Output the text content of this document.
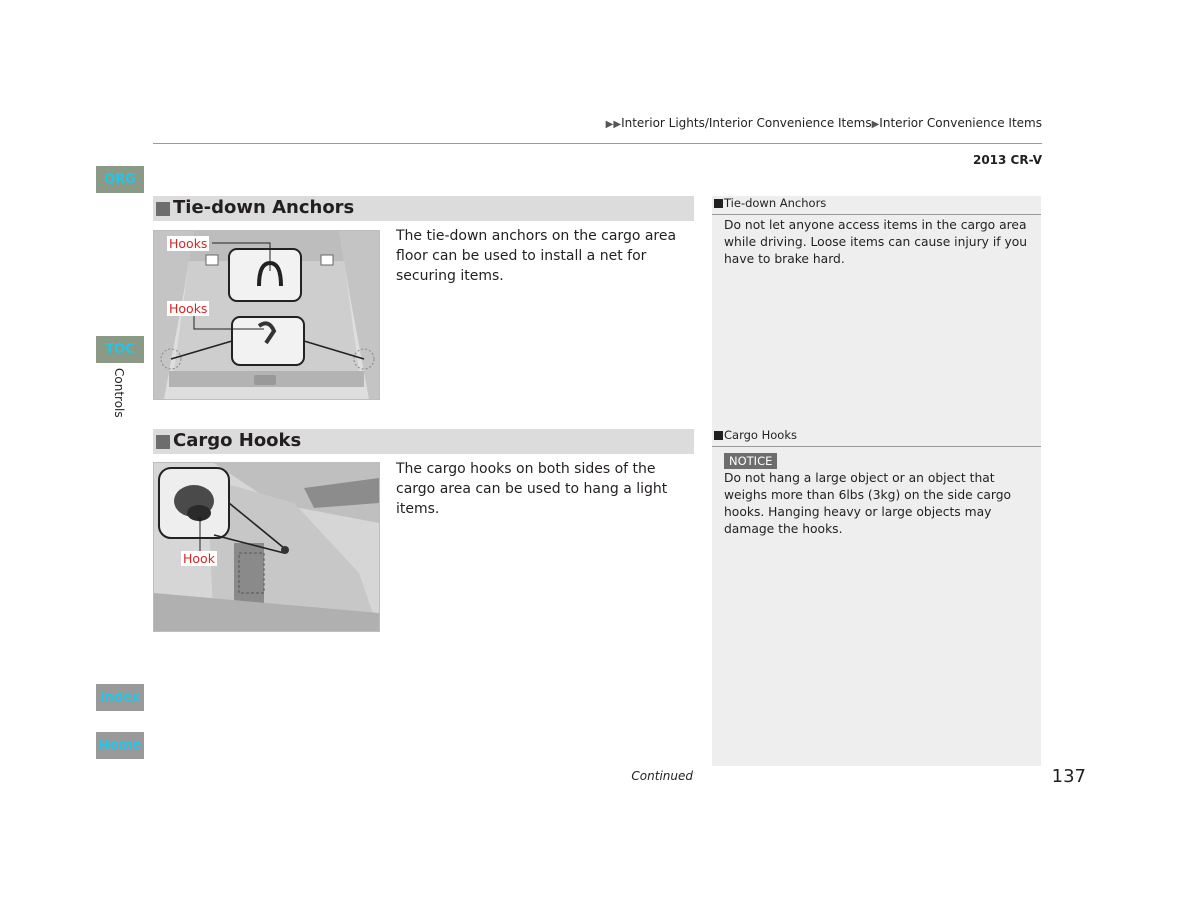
▶▶Interior Lights/Interior Convenience Items▶Interior Convenience Items
2013 CR-V
QRG
TOC
Controls
Index
Home
Tie-down Anchors
Hooks
Hooks
The tie-down anchors on the cargo area floor can be used to install a net for securing items.
Tie-down Anchors
Do not let anyone access items in the cargo area while driving. Loose items can cause injury if you have to brake hard.
Cargo Hooks
Hook
The cargo hooks on both sides of the cargo area can be used to hang a light items.
Cargo Hooks
NOTICE
Do not hang a large object or an object that weighs more than 6lbs (3kg) on the side cargo hooks. Hanging heavy or large objects may damage the hooks.
Continued	137
